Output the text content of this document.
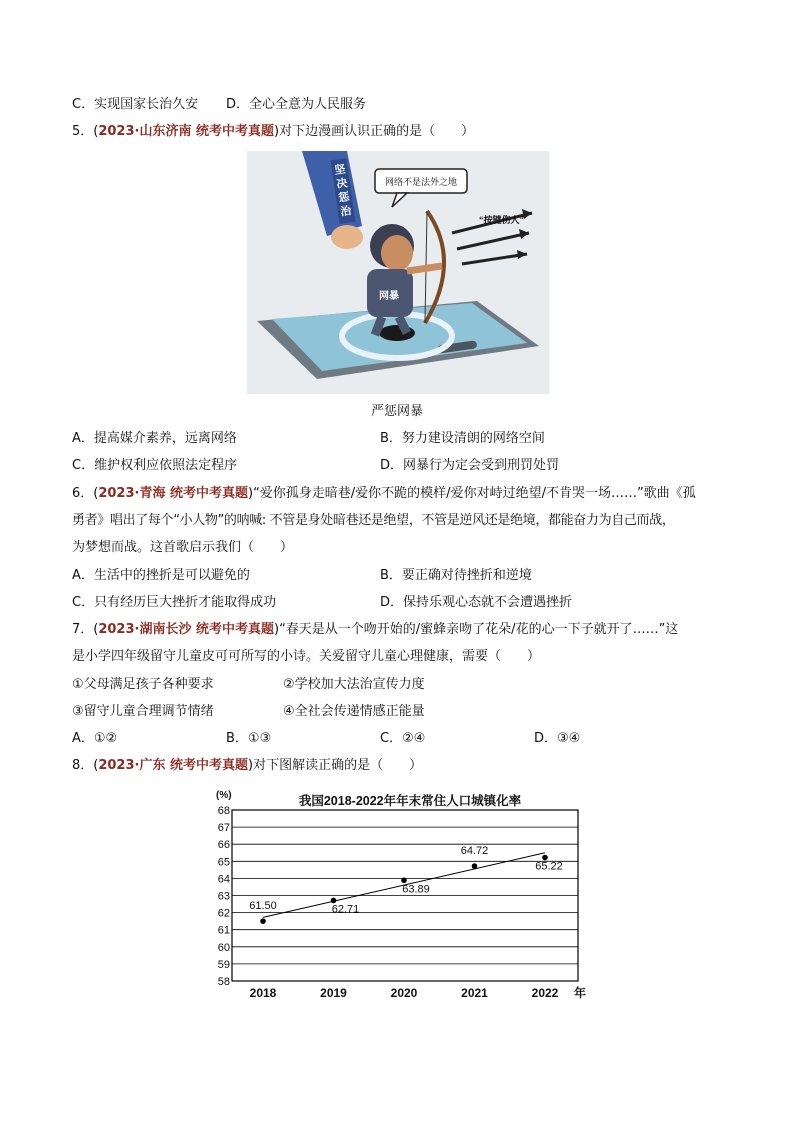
C．实现国家长治久安 D．全心全意为人民服务
5．(2023·山东济南 统考中考真题)对下边漫画认识正确的是（　　）
坚决惩治
网暴
“按键伤人”
网络不是法外之地
严惩网暴
A．提高媒介素养，远离网络	B．努力建设清朗的网络空间
C．维护权利应依照法定程序	D．网暴行为定会受到刑罚处罚
6．(2023·青海 统考中考真题)“爱你孤身走暗巷/爱你不跪的模样/爱你对峙过绝望/不肯哭一场……”歌曲《孤
勇者》唱出了每个“小人物”的呐喊: 不管是身处暗巷还是绝望，不管是逆风还是绝境，都能奋力为自己而战，
为梦想而战。这首歌启示我们（　　）
A．生活中的挫折是可以避免的	B．要正确对待挫折和逆境
C．只有经历巨大挫折才能取得成功	D．保持乐观心态就不会遭遇挫折
7．(2023·湖南长沙 统考中考真题)“春天是从一个吻开始的/蜜蜂亲吻了花朵/花的心一下子就开了……”这
是小学四年级留守儿童皮可可所写的小诗。关爱留守儿童心理健康，需要（　　）
①父母满足孩子各种要求	②学校加大法治宣传力度
③留守儿童合理调节情绪	④全社会传递情感正能量
A．①②	B．①③	C．②④	D．③④
8．(2023·广东 统考中考真题)对下图解读正确的是（　　）
我国2018-2022年年末常住人口城镇化率
(%)
58
59
60
61
62
63
64
65
66
67
68
2018	2019	2020	2021	2022 年
61.50	62.71
63.89
64.72
65.22
